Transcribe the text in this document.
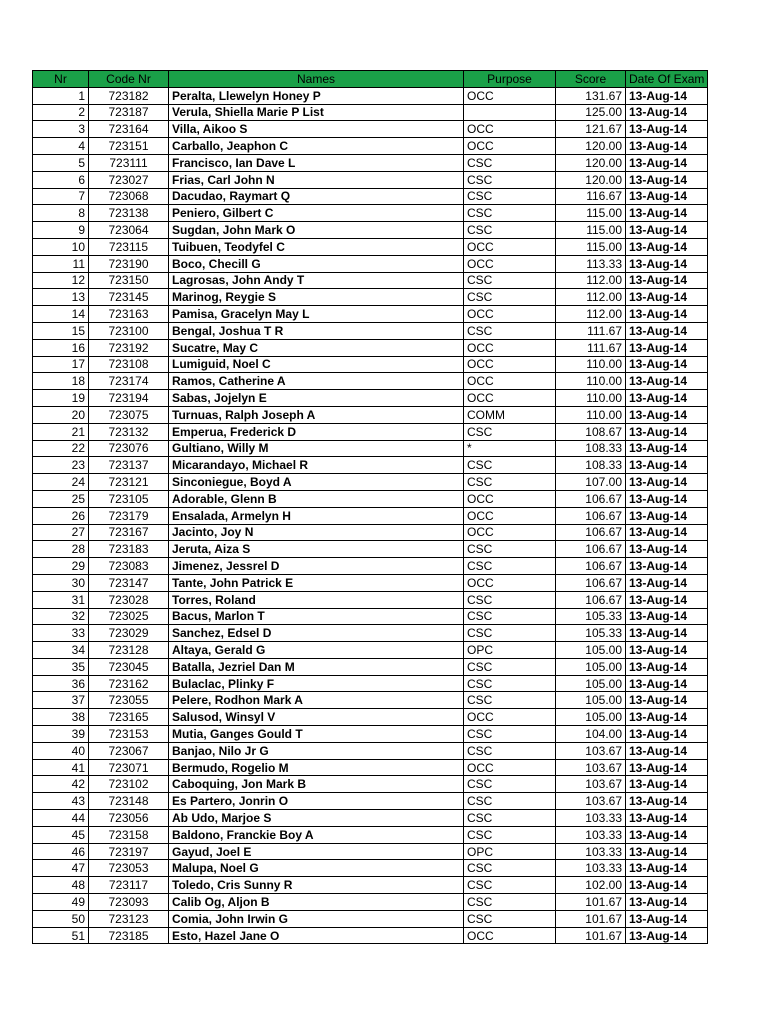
Nr	Code Nr	Names	Purpose	Score	Date Of Exam
1	723182	Peralta, Llewelyn Honey P	OCC	131.67	13-Aug-14
2	723187	Verula, Shiella Marie P List		125.00	13-Aug-14
3	723164	Villa, Aikoo S	OCC	121.67	13-Aug-14
4	723151	Carballo, Jeaphon C	OCC	120.00	13-Aug-14
5	723111	Francisco, Ian Dave L	CSC	120.00	13-Aug-14
6	723027	Frias, Carl John N	CSC	120.00	13-Aug-14
7	723068	Dacudao, Raymart Q	CSC	116.67	13-Aug-14
8	723138	Peniero, Gilbert C	CSC	115.00	13-Aug-14
9	723064	Sugdan, John Mark O	CSC	115.00	13-Aug-14
10	723115	Tuibuen, Teodyfel C	OCC	115.00	13-Aug-14
11	723190	Boco, Checill G	OCC	113.33	13-Aug-14
12	723150	Lagrosas, John Andy T	CSC	112.00	13-Aug-14
13	723145	Marinog, Reygie S	CSC	112.00	13-Aug-14
14	723163	Pamisa, Gracelyn May L	OCC	112.00	13-Aug-14
15	723100	Bengal, Joshua T R	CSC	111.67	13-Aug-14
16	723192	Sucatre, May C	OCC	111.67	13-Aug-14
17	723108	Lumiguid, Noel C	OCC	110.00	13-Aug-14
18	723174	Ramos, Catherine A	OCC	110.00	13-Aug-14
19	723194	Sabas, Jojelyn E	OCC	110.00	13-Aug-14
20	723075	Turnuas, Ralph Joseph A	COMM	110.00	13-Aug-14
21	723132	Emperua, Frederick D	CSC	108.67	13-Aug-14
22	723076	Gultiano, Willy M	*	108.33	13-Aug-14
23	723137	Micarandayo, Michael R	CSC	108.33	13-Aug-14
24	723121	Sinconiegue, Boyd A	CSC	107.00	13-Aug-14
25	723105	Adorable, Glenn B	OCC	106.67	13-Aug-14
26	723179	Ensalada, Armelyn H	OCC	106.67	13-Aug-14
27	723167	Jacinto, Joy N	OCC	106.67	13-Aug-14
28	723183	Jeruta, Aiza S	CSC	106.67	13-Aug-14
29	723083	Jimenez, Jessrel D	CSC	106.67	13-Aug-14
30	723147	Tante, John Patrick E	OCC	106.67	13-Aug-14
31	723028	Torres, Roland	CSC	106.67	13-Aug-14
32	723025	Bacus, Marlon T	CSC	105.33	13-Aug-14
33	723029	Sanchez, Edsel D	CSC	105.33	13-Aug-14
34	723128	Altaya, Gerald G	OPC	105.00	13-Aug-14
35	723045	Batalla, Jezriel Dan M	CSC	105.00	13-Aug-14
36	723162	Bulaclac, Plinky F	CSC	105.00	13-Aug-14
37	723055	Pelere, Rodhon Mark A	CSC	105.00	13-Aug-14
38	723165	Salusod, Winsyl V	OCC	105.00	13-Aug-14
39	723153	Mutia, Ganges Gould T	CSC	104.00	13-Aug-14
40	723067	Banjao, Nilo Jr G	CSC	103.67	13-Aug-14
41	723071	Bermudo, Rogelio M	OCC	103.67	13-Aug-14
42	723102	Caboquing, Jon Mark B	CSC	103.67	13-Aug-14
43	723148	Es Partero, Jonrin O	CSC	103.67	13-Aug-14
44	723056	Ab Udo, Marjoe S	CSC	103.33	13-Aug-14
45	723158	Baldono, Franckie Boy A	CSC	103.33	13-Aug-14
46	723197	Gayud, Joel E	OPC	103.33	13-Aug-14
47	723053	Malupa, Noel G	CSC	103.33	13-Aug-14
48	723117	Toledo, Cris Sunny R	CSC	102.00	13-Aug-14
49	723093	Calib Og, Aljon B	CSC	101.67	13-Aug-14
50	723123	Comia, John Irwin G	CSC	101.67	13-Aug-14
51	723185	Esto, Hazel Jane O	OCC	101.67	13-Aug-14
